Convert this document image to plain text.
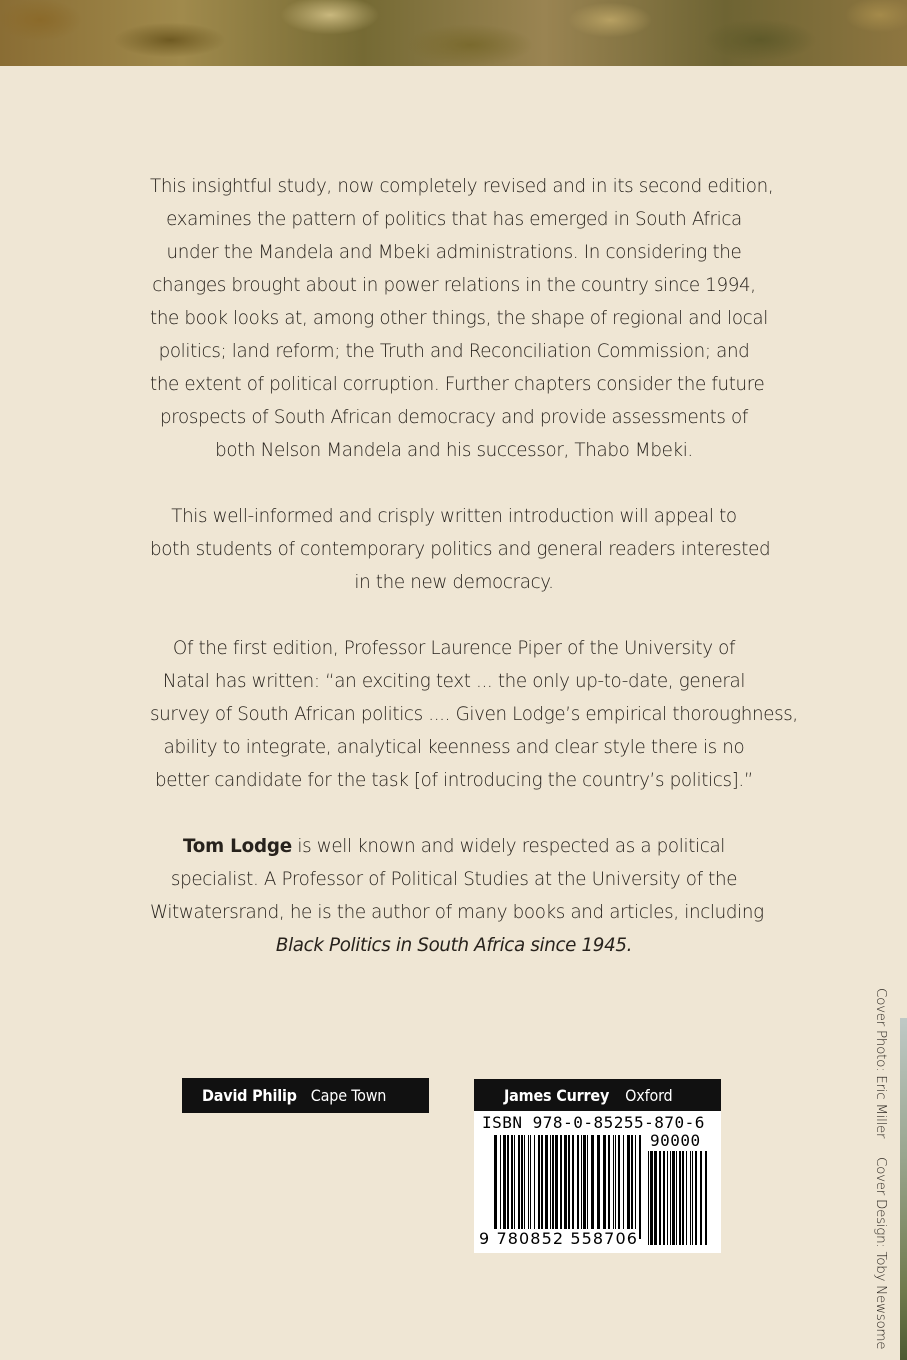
This insightful study, now completely revised and in its second edition,
examines the pattern of politics that has emerged in South Africa
under the Mandela and Mbeki administrations. In considering the
changes brought about in power relations in the country since 1994,
the book looks at, among other things, the shape of regional and local
politics; land reform; the Truth and Reconciliation Commission; and
the extent of political corruption. Further chapters consider the future
prospects of South African democracy and provide assessments of
both Nelson Mandela and his successor, Thabo Mbeki.
This well-informed and crisply written introduction will appeal to
both students of contemporary politics and general readers interested
in the new democracy.
Of the first edition, Professor Laurence Piper of the University of
Natal has written: “an exciting text ... the only up-to-date, general
survey of South African politics .... Given Lodge’s empirical thoroughness,
ability to integrate, analytical keenness and clear style there is no
better candidate for the task [of introducing the country’s politics].”
Tom Lodge is well known and widely respected as a political
specialist. A Professor of Political Studies at the University of the
Witwatersrand, he is the author of many books and articles, including
Black Politics in South Africa since 1945.
David Philip Cape Town	James Currey Oxford
ISBN 978-0-85255-870-6
90000
9 780852 558706
Cover Photo: Eric Miller
Cover Design: Toby Newsome
